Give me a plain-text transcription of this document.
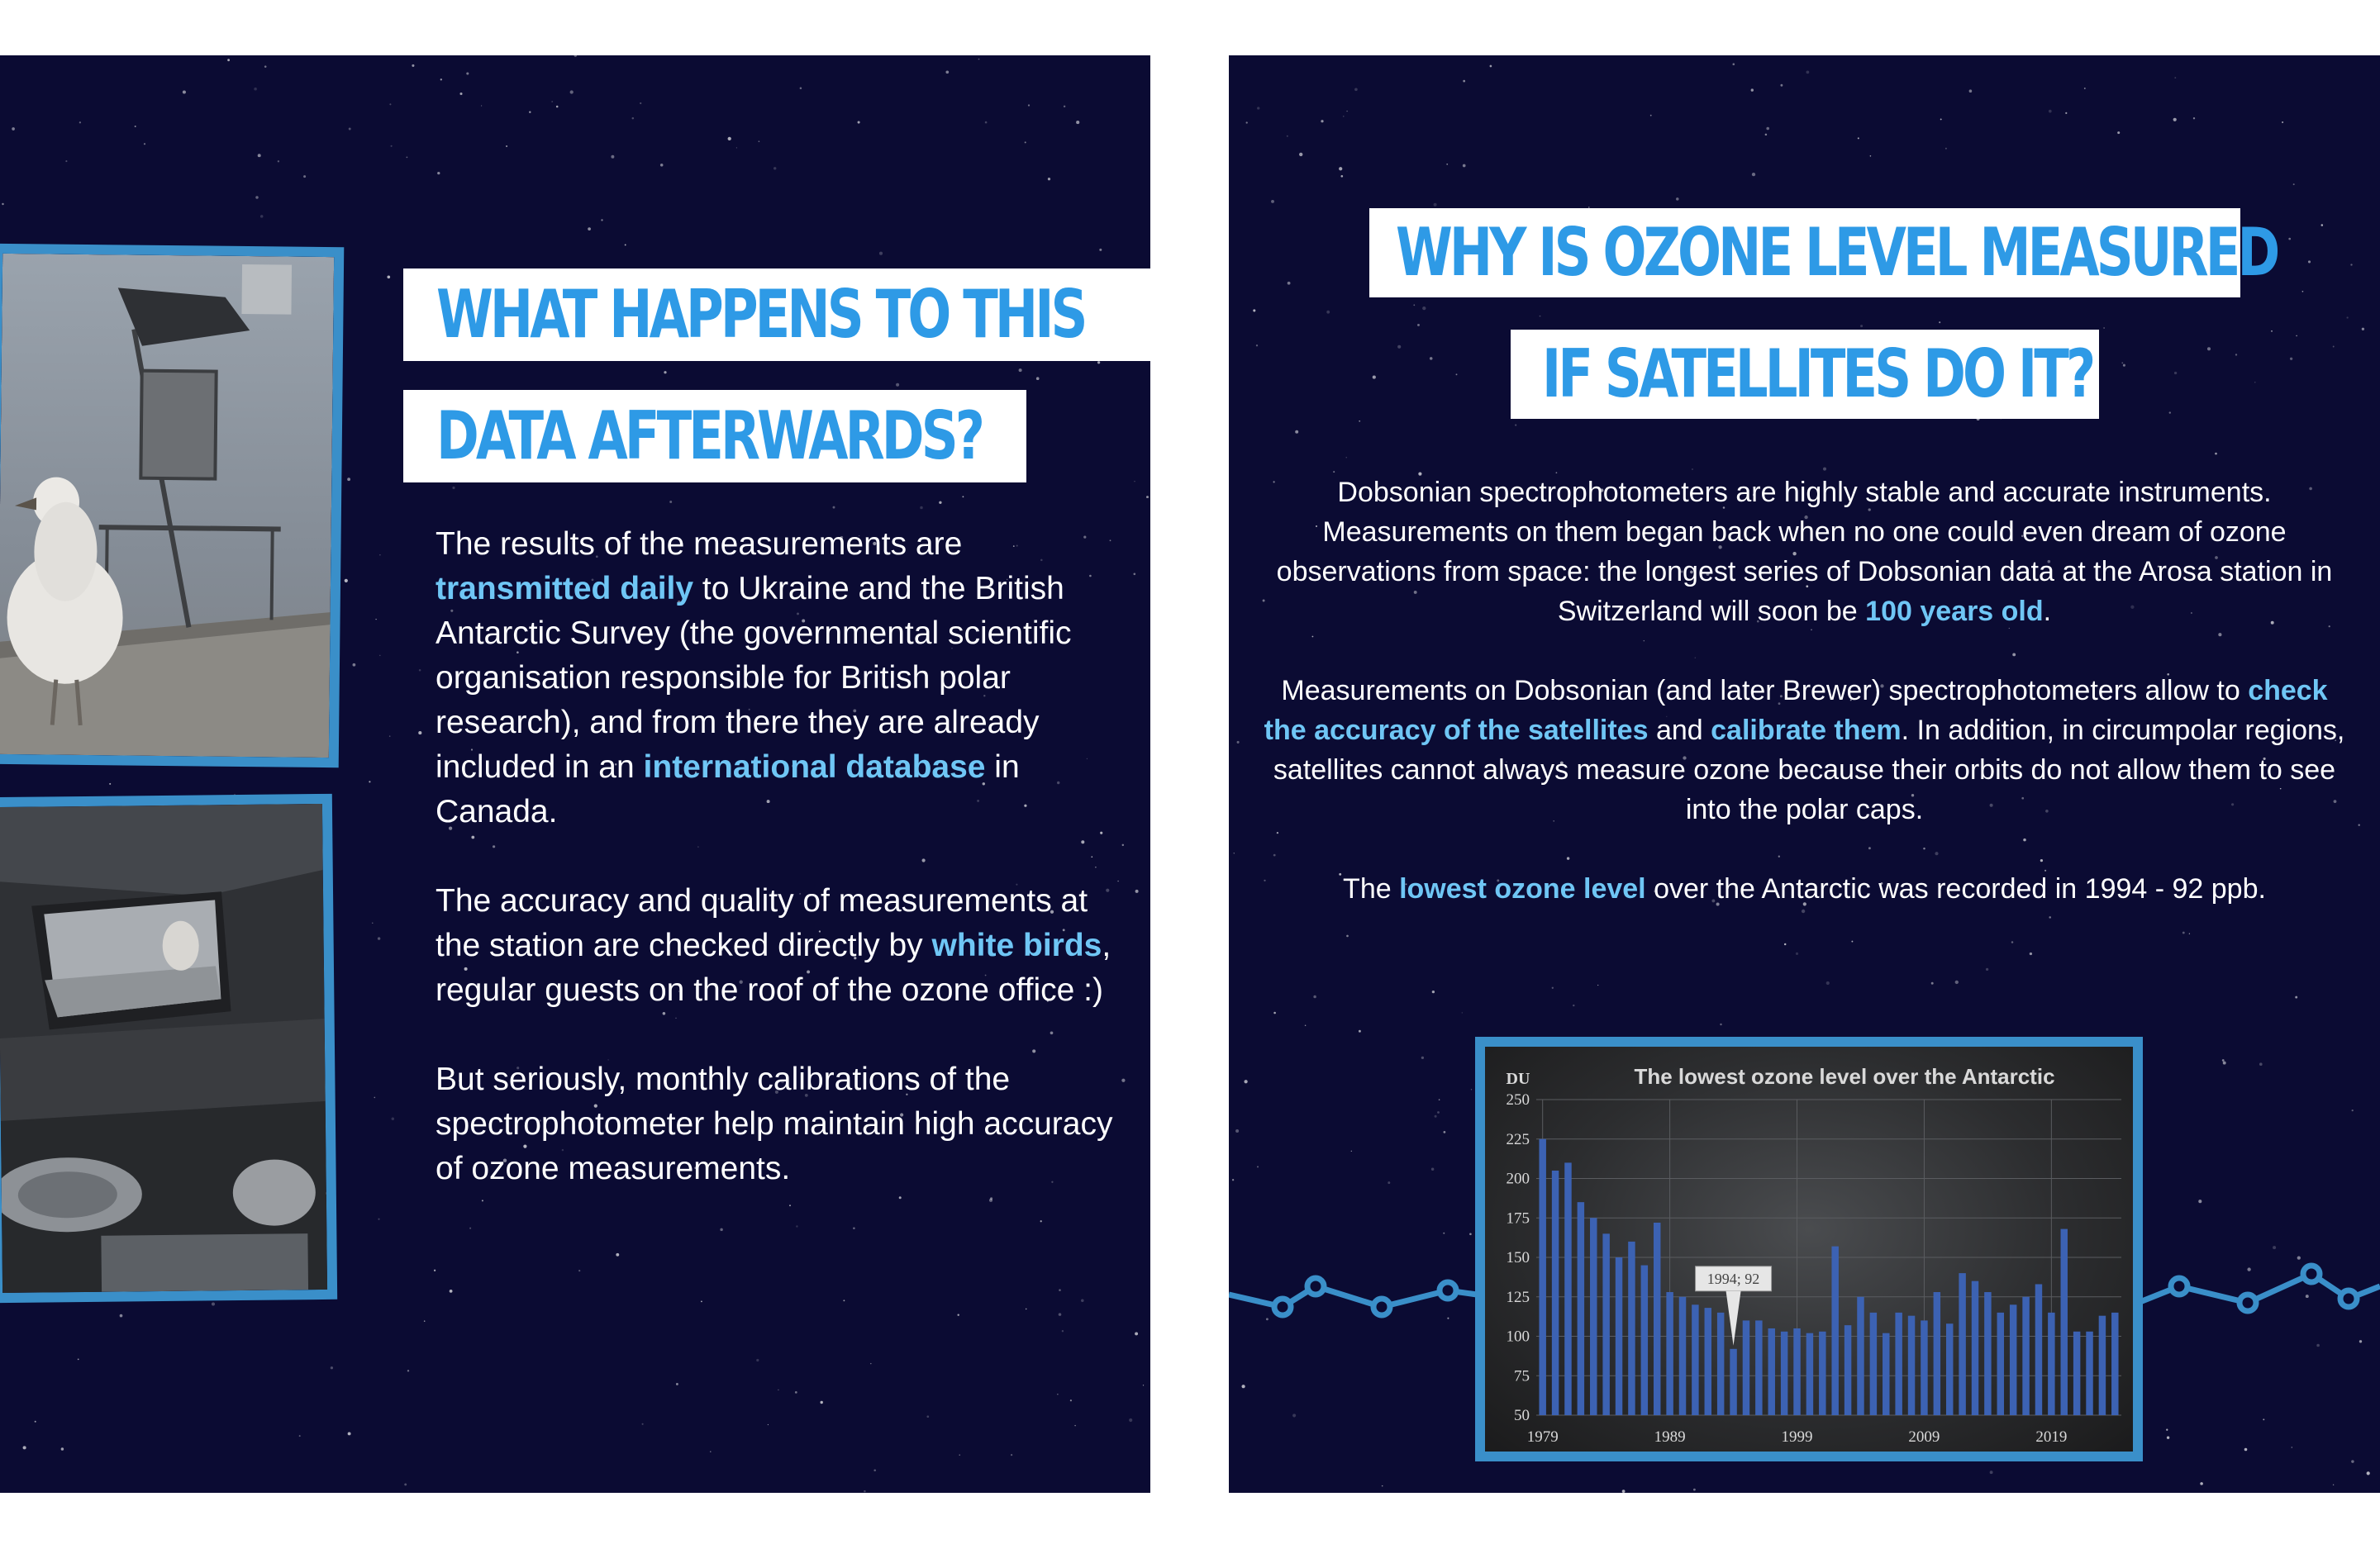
WHAT HAPPENS TO THIS
DATA AFTERWARDS?

The results of the measurements are transmitted daily to Ukraine and the British Antarctic Survey (the governmental scientific organisation responsible for British polar research), and from there they are already included in an international database in Canada.

The accuracy and quality of measurements at the station are checked directly by white birds, regular guests on the roof of the ozone office :)

But seriously, monthly calibrations of the spectrophotometer help maintain high accuracy of ozone measurements.

WHY IS OZONE LEVEL MEASURED
IF SATELLITES DO IT?

Dobsonian spectrophotometers are highly stable and accurate instruments. Measurements on them began back when no one could even dream of ozone observations from space: the longest series of Dobsonian data at the Arosa station in Switzerland will soon be 100 years old.

Measurements on Dobsonian (and later Brewer) spectrophotometers allow to check the accuracy of the satellites and calibrate them. In addition, in circumpolar regions, satellites cannot always measure ozone because their orbits do not allow them to see into the polar caps.

The lowest ozone level over the Antarctic was recorded in 1994 - 92 ppb.

The lowest ozone level over the Antarctic
DU
50
75
100
125
150
175
200
225
250
1979	1989	1999	2009	2019
1994; 92
